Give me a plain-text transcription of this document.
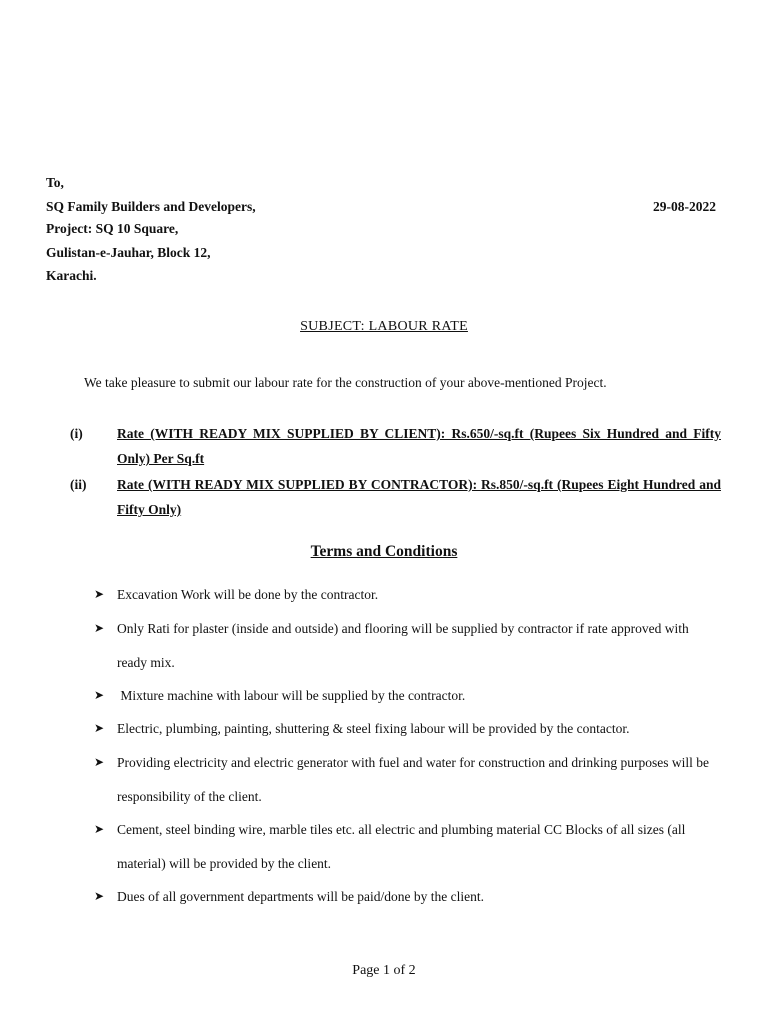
To,
SQ Family Builders and Developers,
Project: SQ 10 Square,
Gulistan-e-Jauhar, Block 12,
Karachi.
29-08-2022
SUBJECT: LABOUR RATE
We take pleasure to submit our labour rate for the construction of your above-mentioned Project.
(i)	Rate (WITH READY MIX SUPPLIED BY CLIENT): Rs.650/-sq.ft (Rupees Six Hundred and Fifty Only) Per Sq.ft
(ii) Rate (WITH READY MIX SUPPLIED BY CONTRACTOR): Rs.850/-sq.ft (Rupees Eight Hundred and Fifty Only)
Terms and Conditions
➤ Excavation Work will be done by the contractor.
➤ Only Rati for plaster (inside and outside) and flooring will be supplied by contractor if rate approved with ready mix.
➤ Mixture machine with labour will be supplied by the contractor.
➤ Electric, plumbing, painting, shuttering & steel fixing labour will be provided by the contactor.
➤ Providing electricity and electric generator with fuel and water for construction and drinking purposes will be responsibility of the client.
➤ Cement, steel binding wire, marble tiles etc. all electric and plumbing material CC Blocks of all sizes (all material) will be provided by the client.
➤ Dues of all government departments will be paid/done by the client.
Page 1 of 2
